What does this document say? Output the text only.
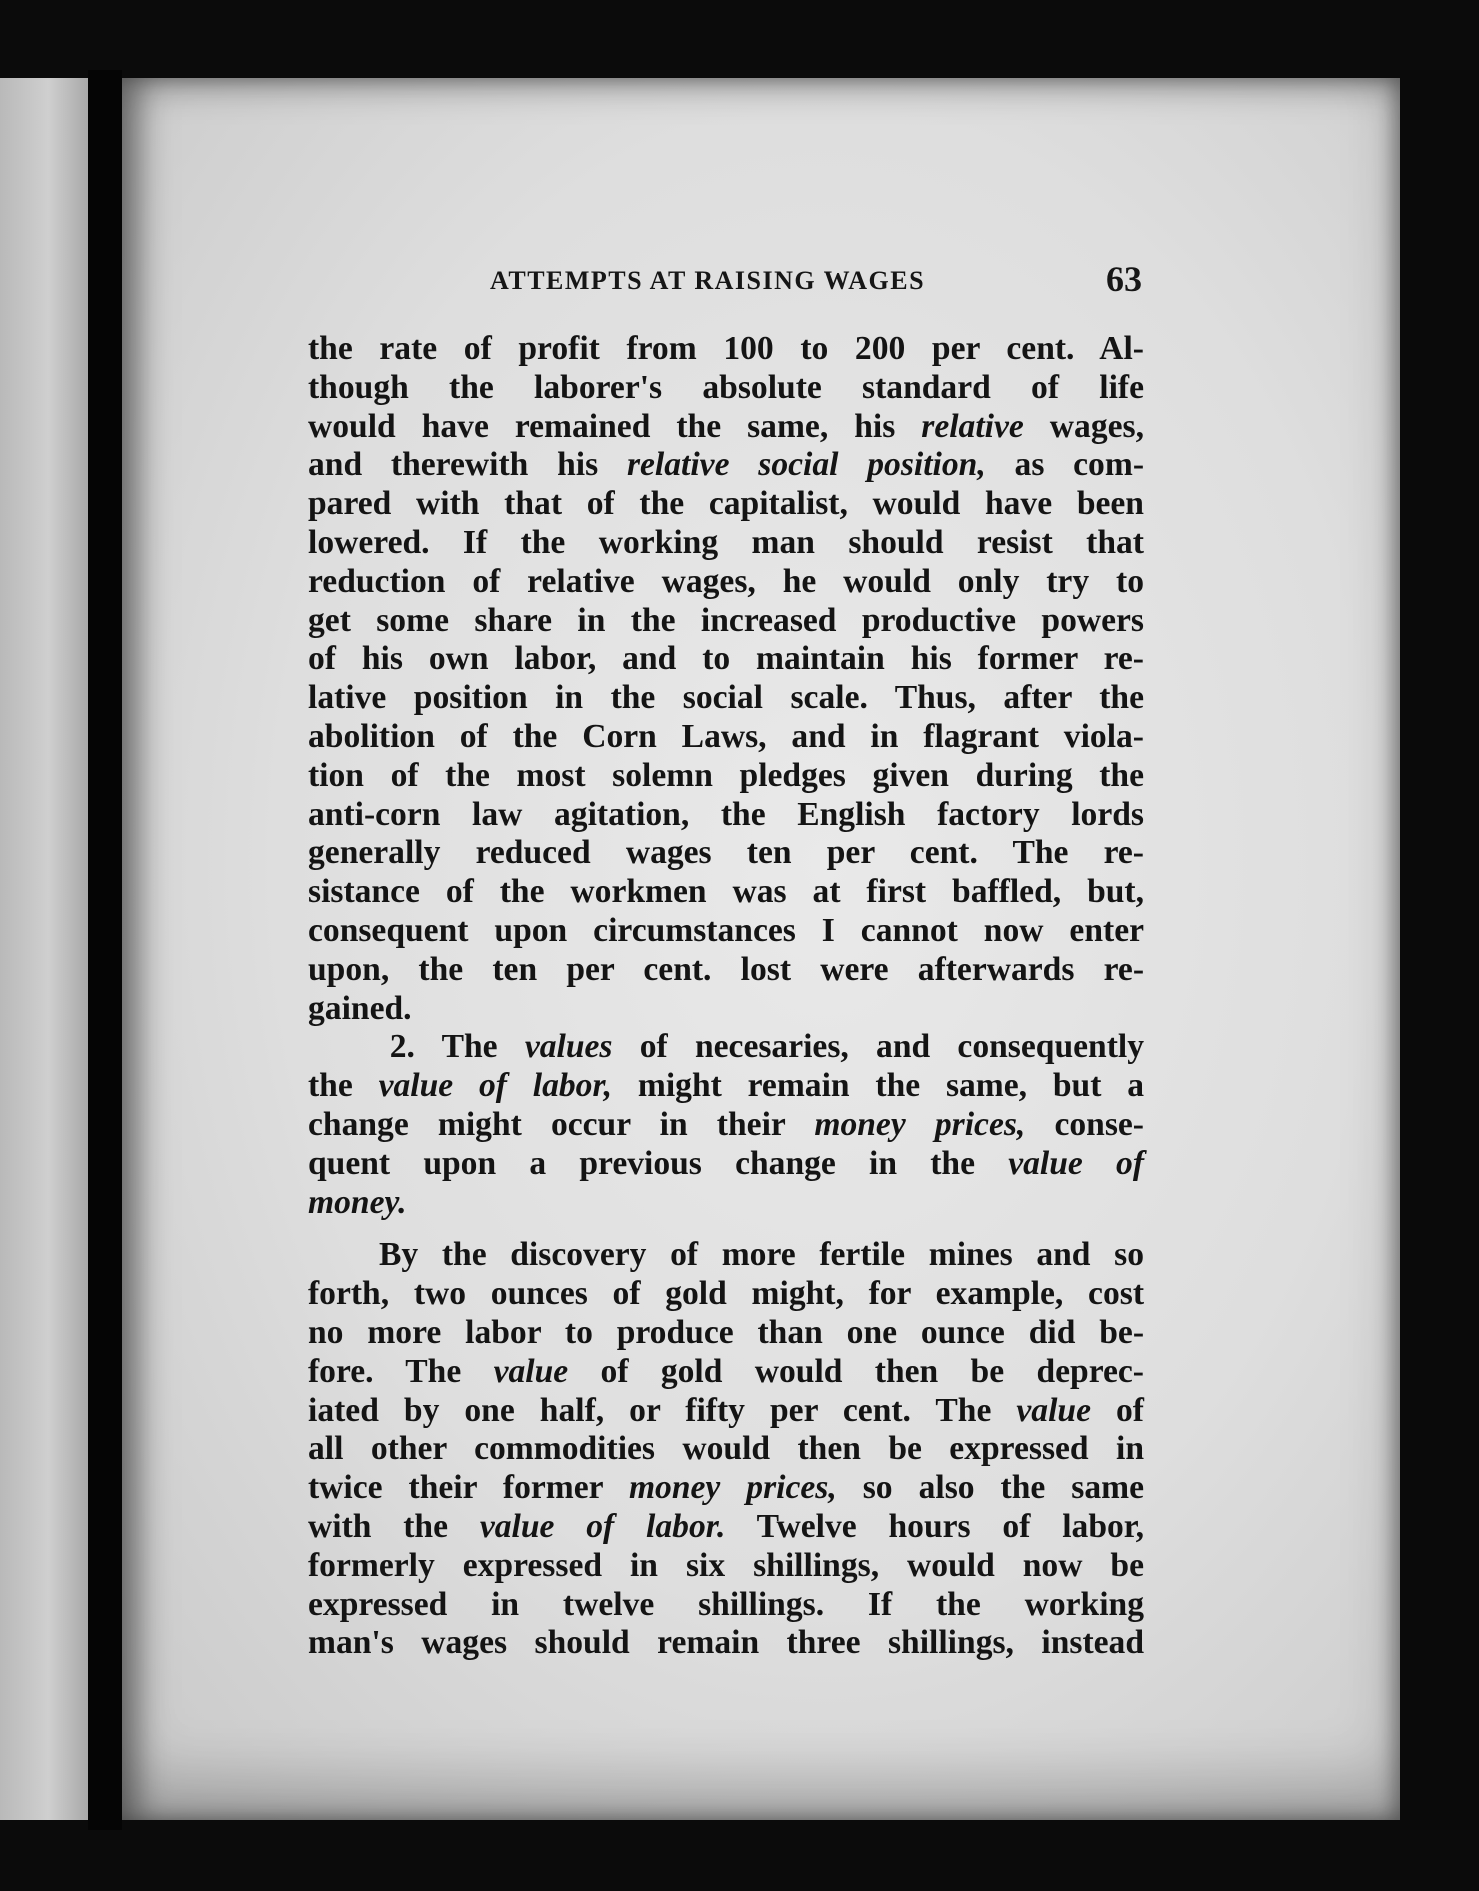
ATTEMPTS AT RAISING WAGES	63
the rate of profit from 100 to 200 per cent. Al-
though the laborer's absolute standard of life
would have remained the same, his relative wages,
and therewith his relative social position, as com-
pared with that of the capitalist, would have been
lowered. If the working man should resist that
reduction of relative wages, he would only try to
get some share in the increased productive powers
of his own labor, and to maintain his former re-
lative position in the social scale. Thus, after the
abolition of the Corn Laws, and in flagrant viola-
tion of the most solemn pledges given during the
anti-corn law agitation, the English factory lords
generally reduced wages ten per cent. The re-
sistance of the workmen was at first baffled, but,
consequent upon circumstances I cannot now enter
upon, the ten per cent. lost were afterwards re-
gained.
2. The values of necesaries, and consequently
the value of labor, might remain the same, but a
change might occur in their money prices, conse-
quent upon a previous change in the value of
money.
By the discovery of more fertile mines and so
forth, two ounces of gold might, for example, cost
no more labor to produce than one ounce did be-
fore. The value of gold would then be deprec-
iated by one half, or fifty per cent. The value of
all other commodities would then be expressed in
twice their former money prices, so also the same
with the value of labor. Twelve hours of labor,
formerly expressed in six shillings, would now be
expressed in twelve shillings. If the working
man's wages should remain three shillings, instead
